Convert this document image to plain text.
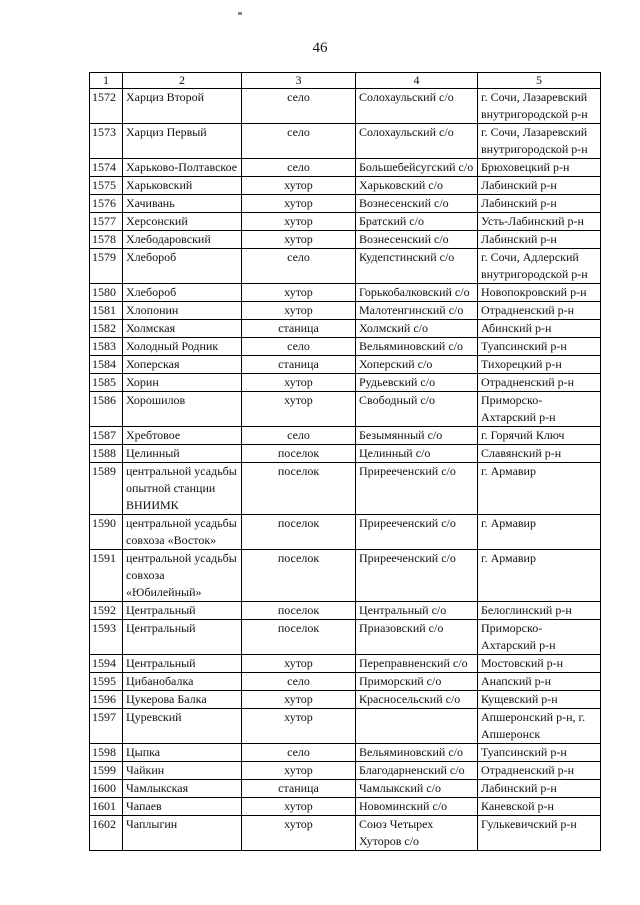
46
1	2	3	4	5
1572	Харциз Второй	село	Солохаульский с/о	г. Сочи, Лазаревский внутригородской р-н
1573	Харциз Первый	село	Солохаульский с/о	г. Сочи, Лазаревский внутригородской р-н
1574	Харьково-Полтавское	село	Большебейсугский с/о	Брюховецкий р-н
1575	Харьковский	хутор	Харьковский с/о	Лабинский р-н
1576	Хачивань	хутор	Вознесенский с/о	Лабинский р-н
1577	Херсонский	хутор	Братский с/о	Усть-Лабинский р-н
1578	Хлебодаровский	хутор	Вознесенский с/о	Лабинский р-н
1579	Хлебороб	село	Кудепстинский с/о	г. Сочи, Адлерский внутригородской р-н
1580	Хлебороб	хутор	Горькобалковский с/о	Новопокровский р-н
1581	Хлопонин	хутор	Малотенгинский с/о	Отрадненский р-н
1582	Холмская	станица	Холмский с/о	Абинский р-н
1583	Холодный Родник	село	Вельяминовский с/о	Туапсинский р-н
1584	Хоперская	станица	Хоперский с/о	Тихорецкий р-н
1585	Хорин	хутор	Рудьевский с/о	Отрадненский р-н
1586	Хорошилов	хутор	Свободный с/о	Приморско-Ахтарский р-н
1587	Хребтовое	село	Безымянный с/о	г. Горячий Ключ
1588	Целинный	поселок	Целинный с/о	Славянский р-н
1589	центральной усадьбы опытной станции ВНИИМК	поселок	Прирееченский с/о	г. Армавир
1590	центральной усадьбы совхоза «Восток»	поселок	Прирееченский с/о	г. Армавир
1591	центральной усадьбы совхоза «Юбилейный»	поселок	Прирееченский с/о	г. Армавир
1592	Центральный	поселок	Центральный с/о	Белоглинский р-н
1593	Центральный	поселок	Приазовский с/о	Приморско-Ахтарский р-н
1594	Центральный	хутор	Переправненский с/о	Мостовский р-н
1595	Цибанобалка	село	Приморский с/о	Анапский р-н
1596	Цукерова Балка	хутор	Красносельский с/о	Кущевский р-н
1597	Цуревский	хутор		Апшеронский р-н, г. Апшеронск
1598	Цыпка	село	Вельяминовский с/о	Туапсинский р-н
1599	Чайкин	хутор	Благодарненский с/о	Отрадненский р-н
1600	Чамлыкская	станица	Чамлыкский с/о	Лабинский р-н
1601	Чапаев	хутор	Новоминский с/о	Каневской р-н
1602	Чаплыгин	хутор	Союз Четырех Хуторов с/о	Гулькевичский р-н
